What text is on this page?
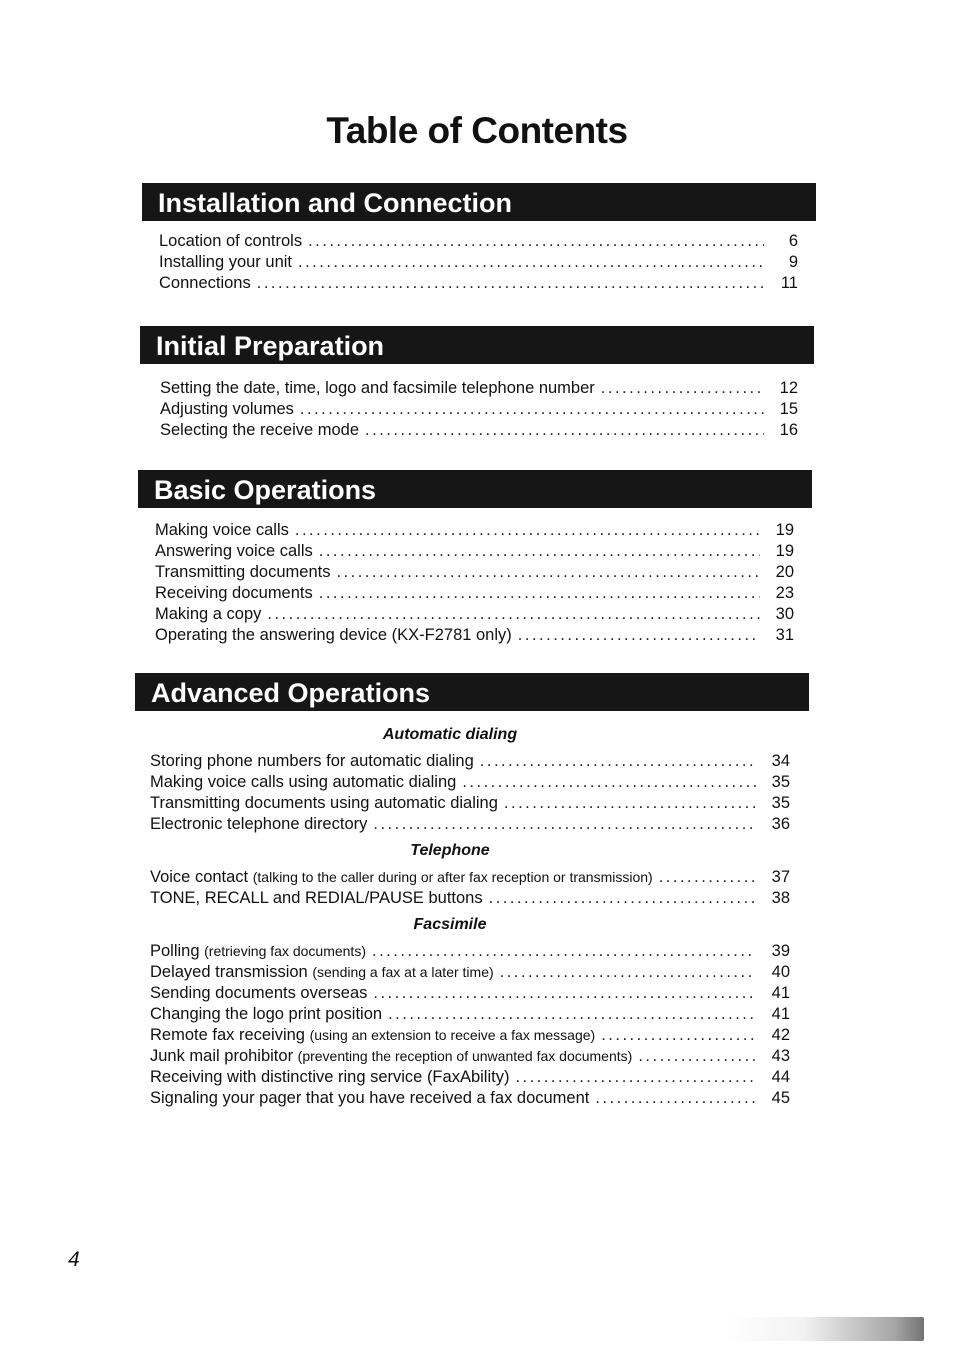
Table of Contents
Installation and Connection
Location of controls .....	6
Installing your unit .....	9
Connections .....	11
Initial Preparation
Setting the date, time, logo and facsimile telephone number .....	12
Adjusting volumes .....	15
Selecting the receive mode .....	16
Basic Operations
Making voice calls .....	19
Answering voice calls .....	19
Transmitting documents .....	20
Receiving documents .....	23
Making a copy .....	30
Operating the answering device (KX-F2781 only) .....	31
Advanced Operations
Automatic dialing
Storing phone numbers for automatic dialing .....	34
Making voice calls using automatic dialing .....	35
Transmitting documents using automatic dialing .....	35
Electronic telephone directory .....	36
Telephone
Voice contact (talking to the caller during or after fax reception or transmission) .....	37
TONE, RECALL and REDIAL/PAUSE buttons .....	38
Facsimile
Polling (retrieving fax documents) .....	39
Delayed transmission (sending a fax at a later time) .....	40
Sending documents overseas .....	41
Changing the logo print position .....	41
Remote fax receiving (using an extension to receive a fax message) .....	42
Junk mail prohibitor (preventing the reception of unwanted fax documents) .....	43
Receiving with distinctive ring service (FaxAbility) .....	44
Signaling your pager that you have received a fax document .....	45
4
